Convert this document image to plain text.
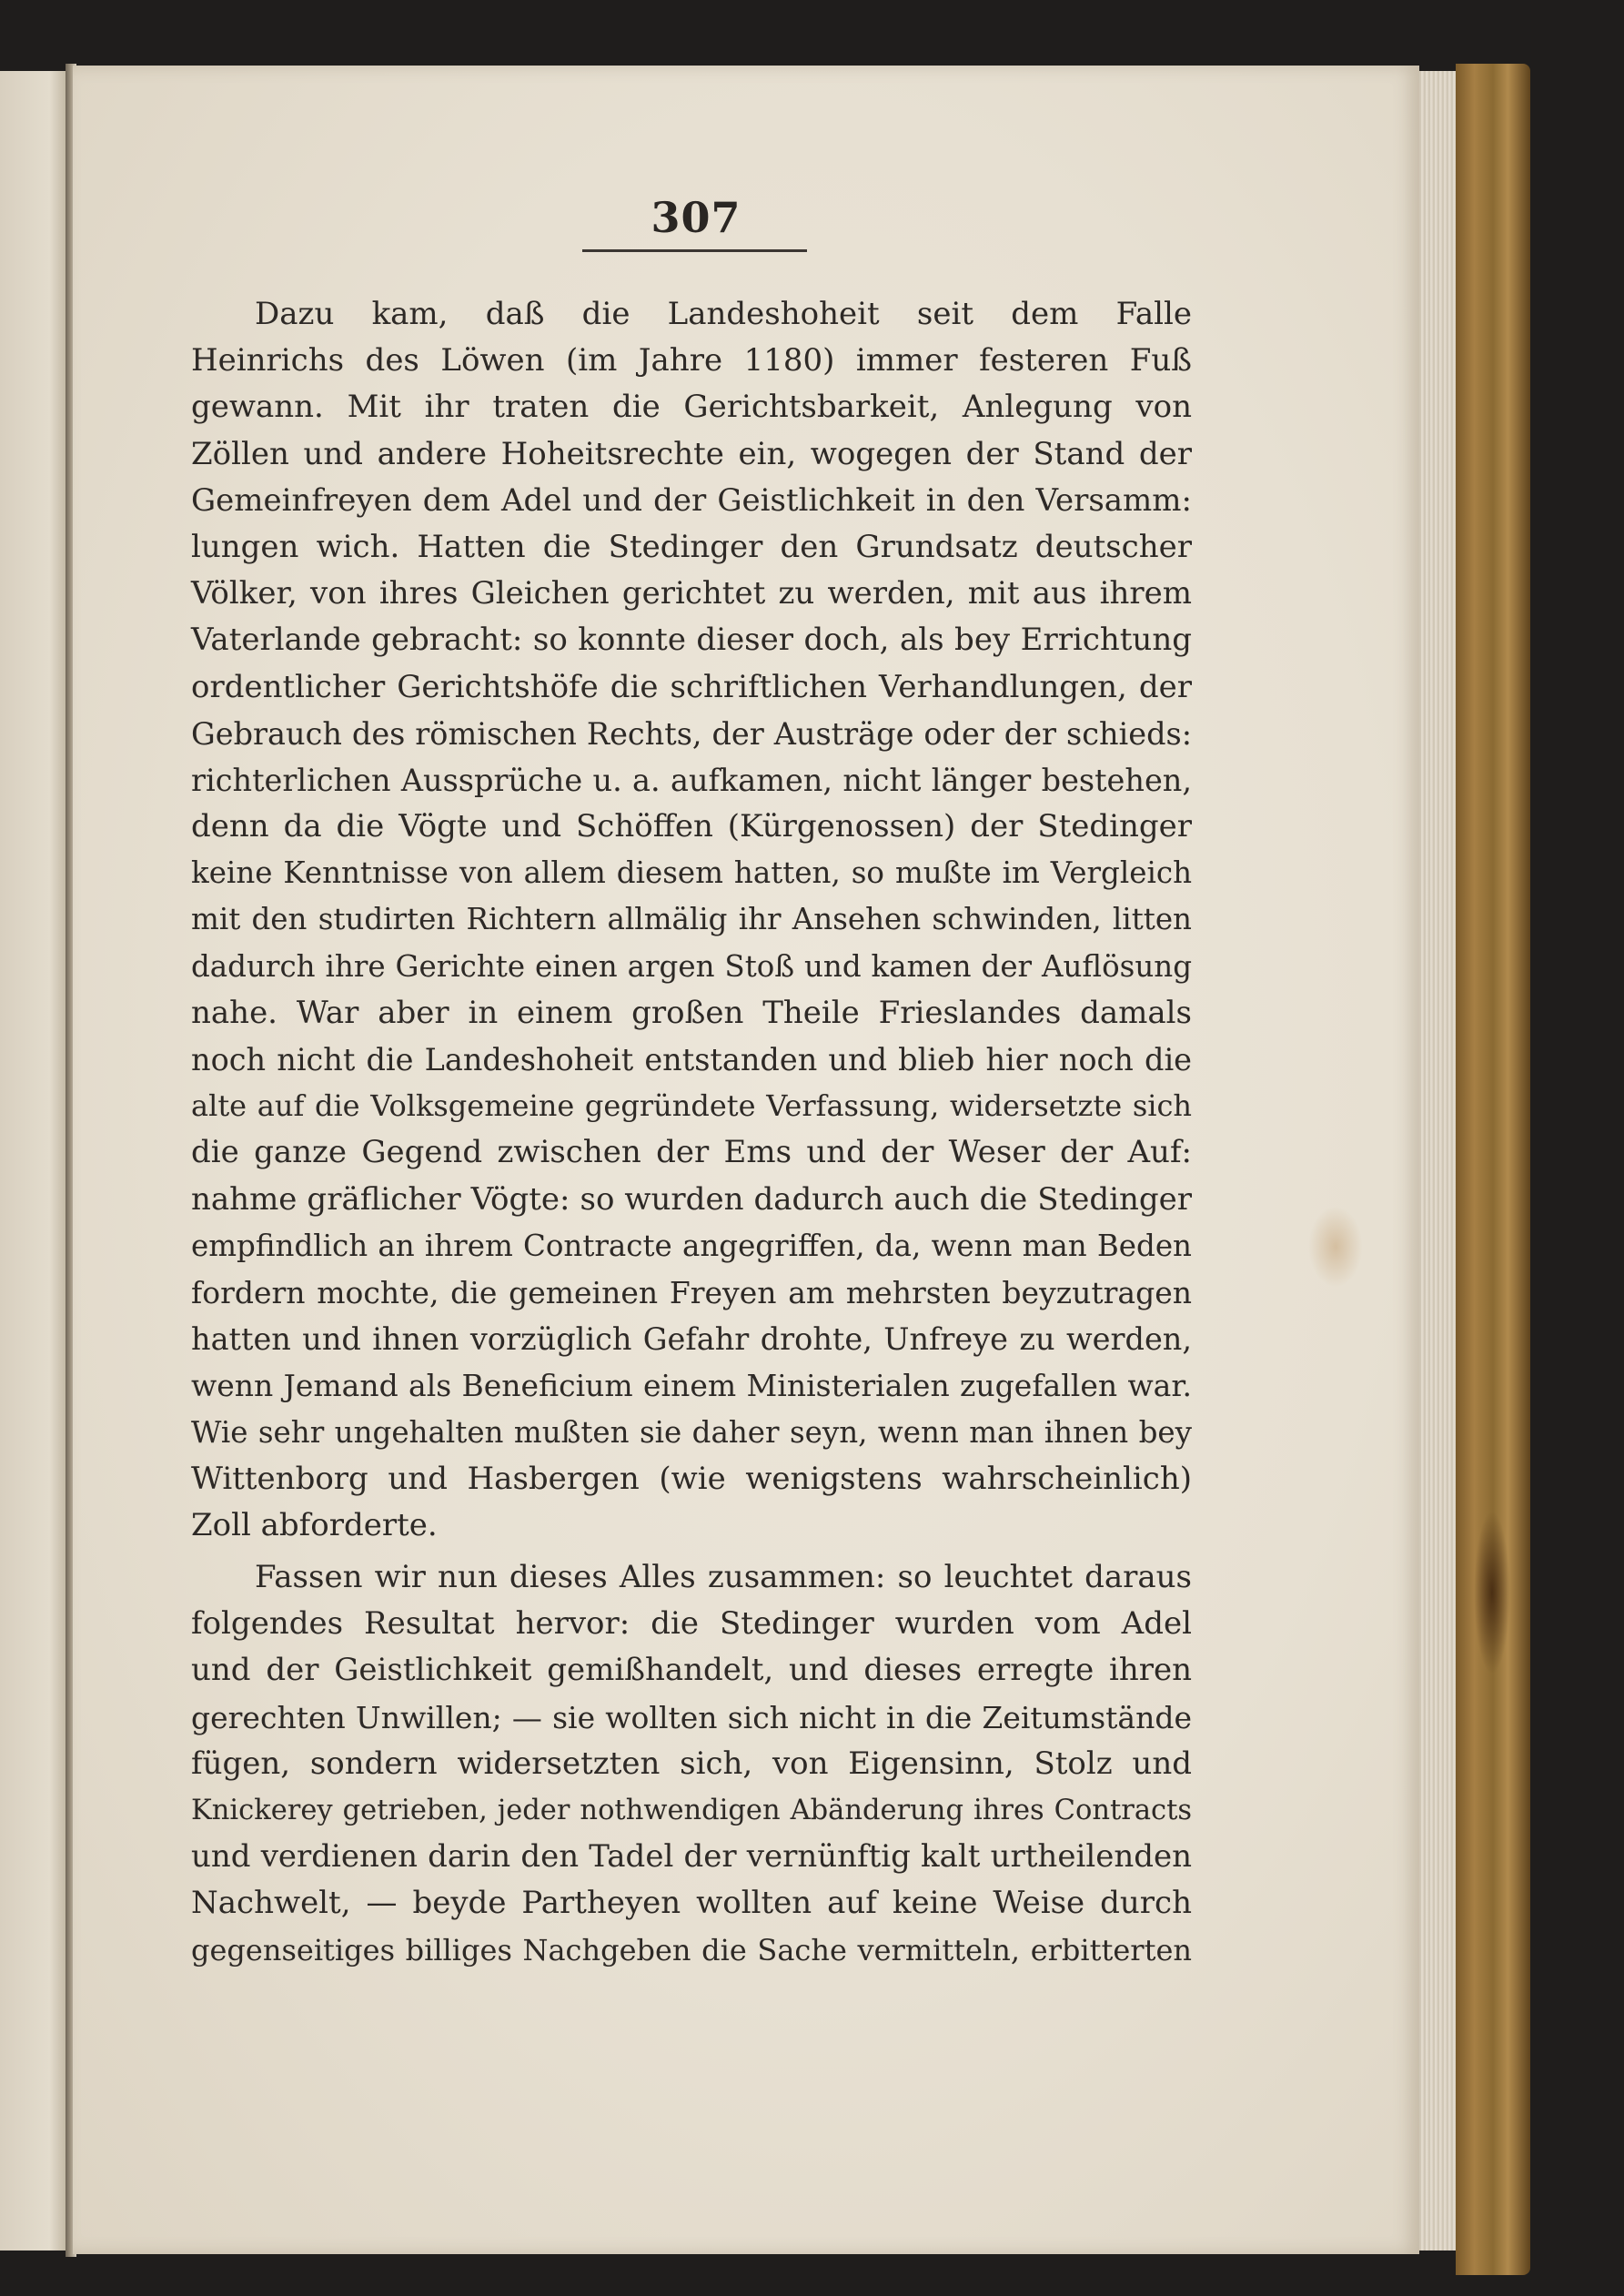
307
Dazu kam, daß die Landeshoheit seit dem Falle
Heinrichs des Löwen (im Jahre 1180) immer festeren Fuß
gewann. Mit ihr traten die Gerichtsbarkeit, Anlegung von
Zöllen und andere Hoheitsrechte ein, wogegen der Stand der
Gemeinfreyen dem Adel und der Geistlichkeit in den Versamm:
lungen wich. Hatten die Stedinger den Grundsatz deutscher
Völker, von ihres Gleichen gerichtet zu werden, mit aus ihrem
Vaterlande gebracht: so konnte dieser doch, als bey Errichtung
ordentlicher Gerichtshöfe die schriftlichen Verhandlungen, der
Gebrauch des römischen Rechts, der Austräge oder der schieds:
richterlichen Aussprüche u. a. aufkamen, nicht länger bestehen,
denn da die Vögte und Schöffen (Kürgenossen) der Stedinger
keine Kenntnisse von allem diesem hatten, so mußte im Vergleich
mit den studirten Richtern allmälig ihr Ansehen schwinden, litten
dadurch ihre Gerichte einen argen Stoß und kamen der Auflösung
nahe. War aber in einem großen Theile Frieslandes damals
noch nicht die Landeshoheit entstanden und blieb hier noch die
alte auf die Volksgemeine gegründete Verfassung, widersetzte sich
die ganze Gegend zwischen der Ems und der Weser der Auf:
nahme gräflicher Vögte: so wurden dadurch auch die Stedinger
empfindlich an ihrem Contracte angegriffen, da, wenn man Beden
fordern mochte, die gemeinen Freyen am mehrsten beyzutragen
hatten und ihnen vorzüglich Gefahr drohte, Unfreye zu werden,
wenn Jemand als Beneficium einem Ministerialen zugefallen war.
Wie sehr ungehalten mußten sie daher seyn, wenn man ihnen bey
Wittenborg und Hasbergen (wie wenigstens wahrscheinlich)
Zoll abforderte.
Fassen wir nun dieses Alles zusammen: so leuchtet daraus
folgendes Resultat hervor: die Stedinger wurden vom Adel
und der Geistlichkeit gemißhandelt, und dieses erregte ihren
gerechten Unwillen; — sie wollten sich nicht in die Zeitumstände
fügen, sondern widersetzten sich, von Eigensinn, Stolz und
Knickerey getrieben, jeder nothwendigen Abänderung ihres Contracts
und verdienen darin den Tadel der vernünftig kalt urtheilenden
Nachwelt, — beyde Partheyen wollten auf keine Weise durch
gegenseitiges billiges Nachgeben die Sache vermitteln, erbitterten
